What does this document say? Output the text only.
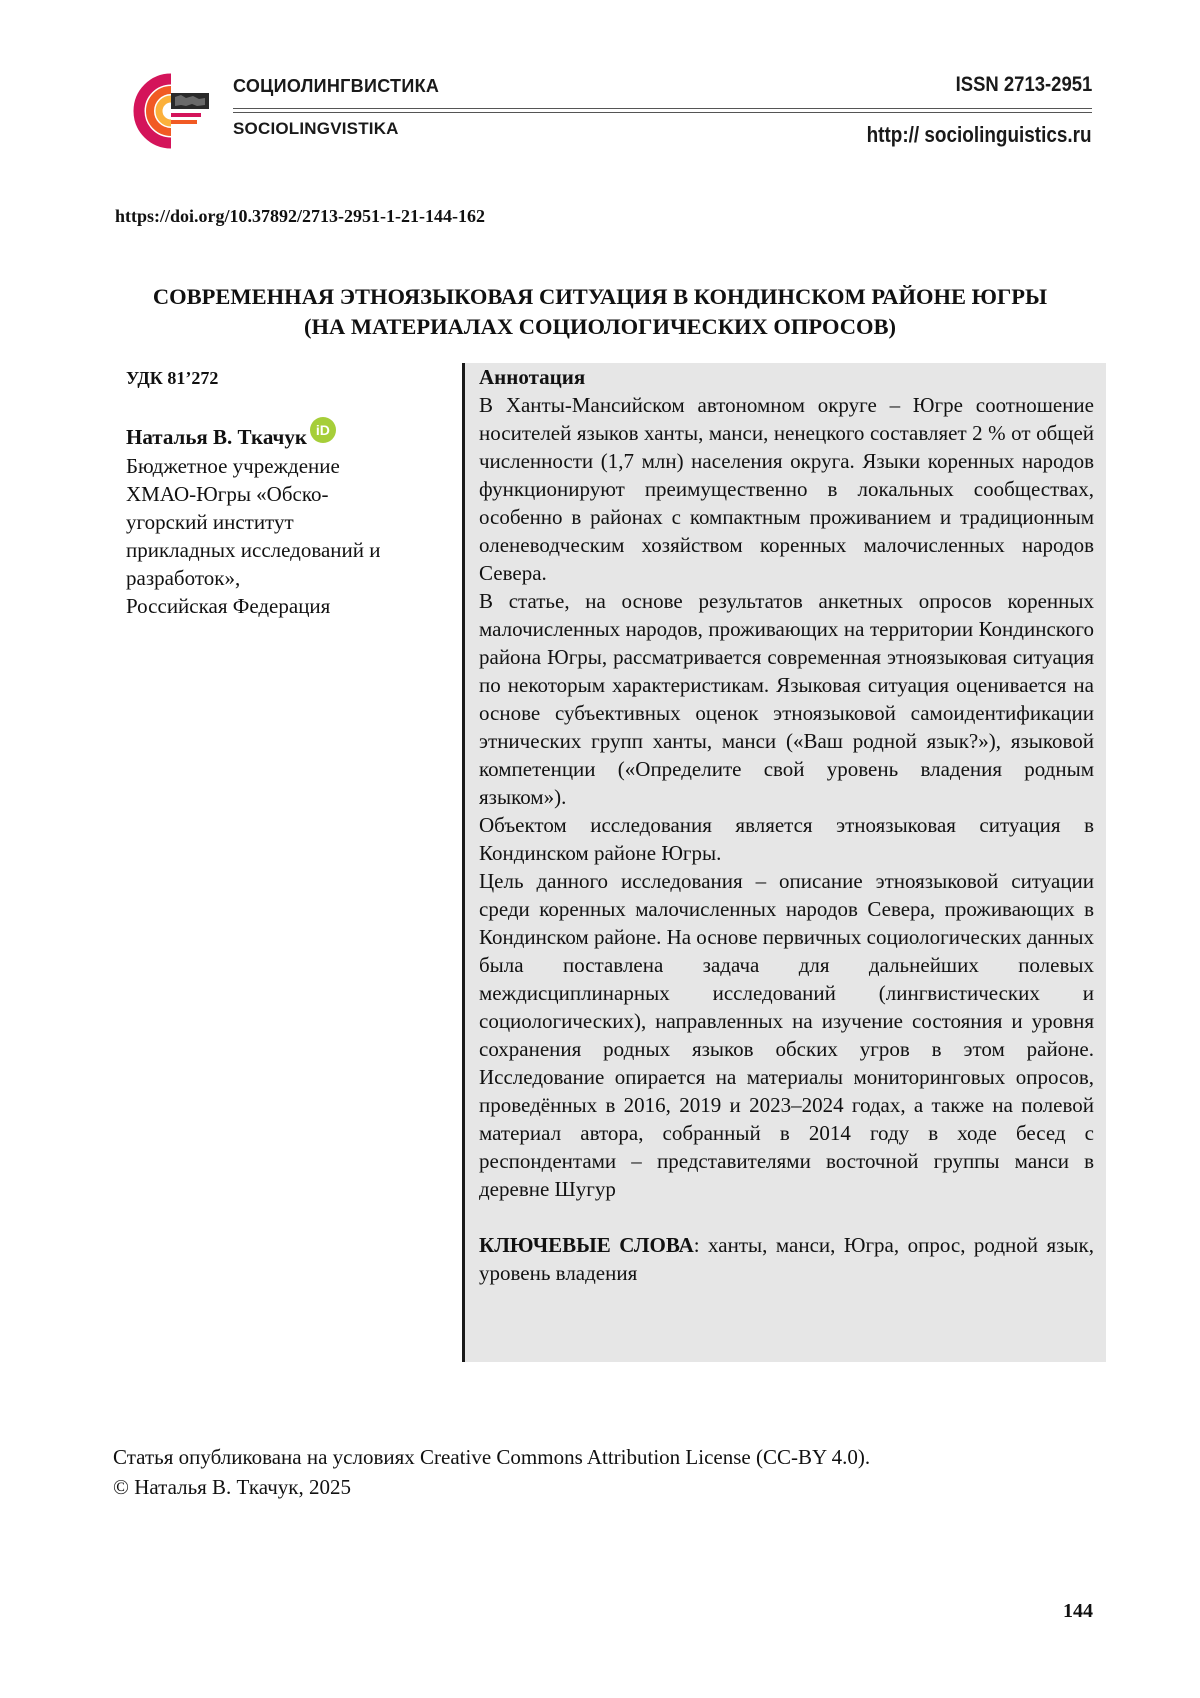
СОЦИОЛИНГВИСТИКА
SOCIOLINGVISTIKA
ISSN 2713-2951
http:// sociolinguistics.ru
https://doi.org/10.37892/2713-2951-1-21-144-162
СОВРЕМЕННАЯ ЭТНОЯЗЫКОВАЯ СИТУАЦИЯ В КОНДИНСКОМ РАЙОНЕ ЮГРЫ
(НА МАТЕРИАЛАХ СОЦИОЛОГИЧЕСКИХ ОПРОСОВ)
УДК 81’272
Наталья В. Ткачук iD
Бюджетное учреждение
ХМАО-Югры «Обско-
угорский институт
прикладных исследований и
разработок»,
Российская Федерация
Аннотация

В Ханты-Мансийском автономном округе – Югре соотношение носителей языков ханты, манси, ненецкого составляет 2 % от общей численности (1,7 млн) населения округа. Языки коренных народов функционируют преимущественно в локальных сообществах, особенно в районах с компактным проживанием и традиционным оленеводческим хозяйством коренных малочисленных народов Севера.

В статье, на основе результатов анкетных опросов коренных малочисленных народов, проживающих на территории Кондинского района Югры, рассматривается современная этноязыковая ситуация по некоторым характеристикам. Языковая ситуация оценивается на основе субъективных оценок этноязыковой самоидентификации этнических групп ханты, манси («Ваш родной язык?»), языковой компетенции («Определите свой уровень владения родным языком»).

Объектом исследования является этноязыковая ситуация в Кондинском районе Югры.

Цель данного исследования – описание этноязыковой ситуации среди коренных малочисленных народов Севера, проживающих в Кондинском районе. На основе первичных социологических данных была поставлена задача для дальнейших полевых междисциплинарных исследований (лингвистических и социологических), направленных на изучение состояния и уровня сохранения родных языков обских угров в этом районе. Исследование опирается на материалы мониторинговых опросов, проведённых в 2016, 2019 и 2023–2024 годах, а также на полевой материал автора, собранный в 2014 году в ходе бесед с респондентами – представителями восточной группы манси в деревне Шугур

КЛЮЧЕВЫЕ СЛОВА: ханты, манси, Югра, опрос, родной язык, уровень владения

Статья опубликована на условиях Creative Commons Attribution License (CC-BY 4.0).
© Наталья В. Ткачук, 2025
144
